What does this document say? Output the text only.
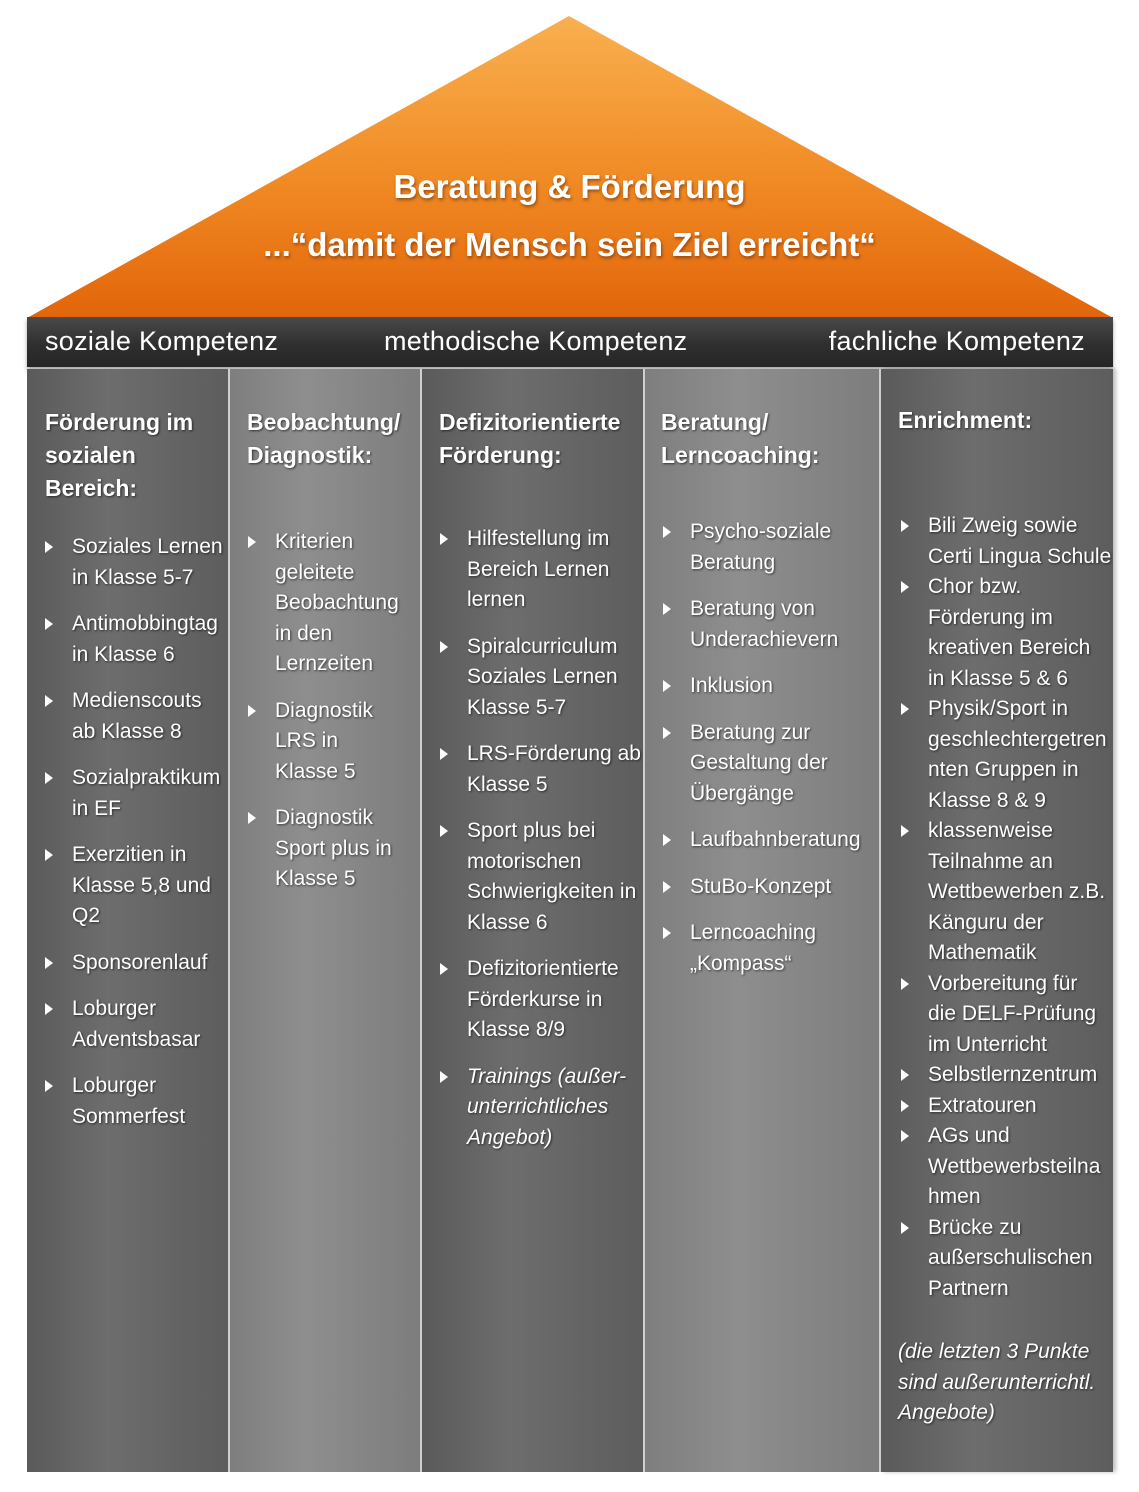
Beratung & Förderung
...“damit der Mensch sein Ziel erreicht“
soziale Kompetenz	methodische Kompetenz	fachliche Kompetenz
Förderung im
sozialen
Bereich:
Soziales Lernen
in Klasse 5-7
Antimobbingtag
in Klasse 6
Medienscouts
ab Klasse 8
Sozialpraktikum
in EF
Exerzitien in
Klasse 5,8 und
Q2
Sponsorenlauf
Loburger
Adventsbasar
Loburger
Sommerfest
Beobachtung/
Diagnostik:
Kriterien
geleitete
Beobachtung
in den
Lernzeiten
Diagnostik
LRS in
Klasse 5
Diagnostik
Sport plus in
Klasse 5
Defizitorientierte
Förderung:
Hilfestellung im
Bereich Lernen
lernen
Spiralcurriculum
Soziales Lernen
Klasse 5-7
LRS-Förderung ab
Klasse 5
Sport plus bei
motorischen
Schwierigkeiten in
Klasse 6
Defizitorientierte
Förderkurse in
Klasse 8/9
Trainings (außer-
unterrichtliches
Angebot)
Beratung/
Lerncoaching:
Psycho-soziale
Beratung
Beratung von
Underachievern
Inklusion
Beratung zur
Gestaltung der
Übergänge
Laufbahnberatung
StuBo-Konzept
Lerncoaching
„Kompass“
Enrichment:
Bili Zweig sowie
Certi Lingua Schule
Chor bzw.
Förderung im
kreativen Bereich
in Klasse 5 & 6
Physik/Sport in
geschlechtergetren
nten Gruppen in
Klasse 8 & 9
klassenweise
Teilnahme an
Wettbewerben z.B.
Känguru der
Mathematik
Vorbereitung für
die DELF-Prüfung
im Unterricht
Selbstlernzentrum
Extratouren
AGs und
Wettbewerbsteilna
hmen
Brücke zu
außerschulischen
Partnern
(die letzten 3 Punkte
sind außerunterrichtl.
Angebote)
